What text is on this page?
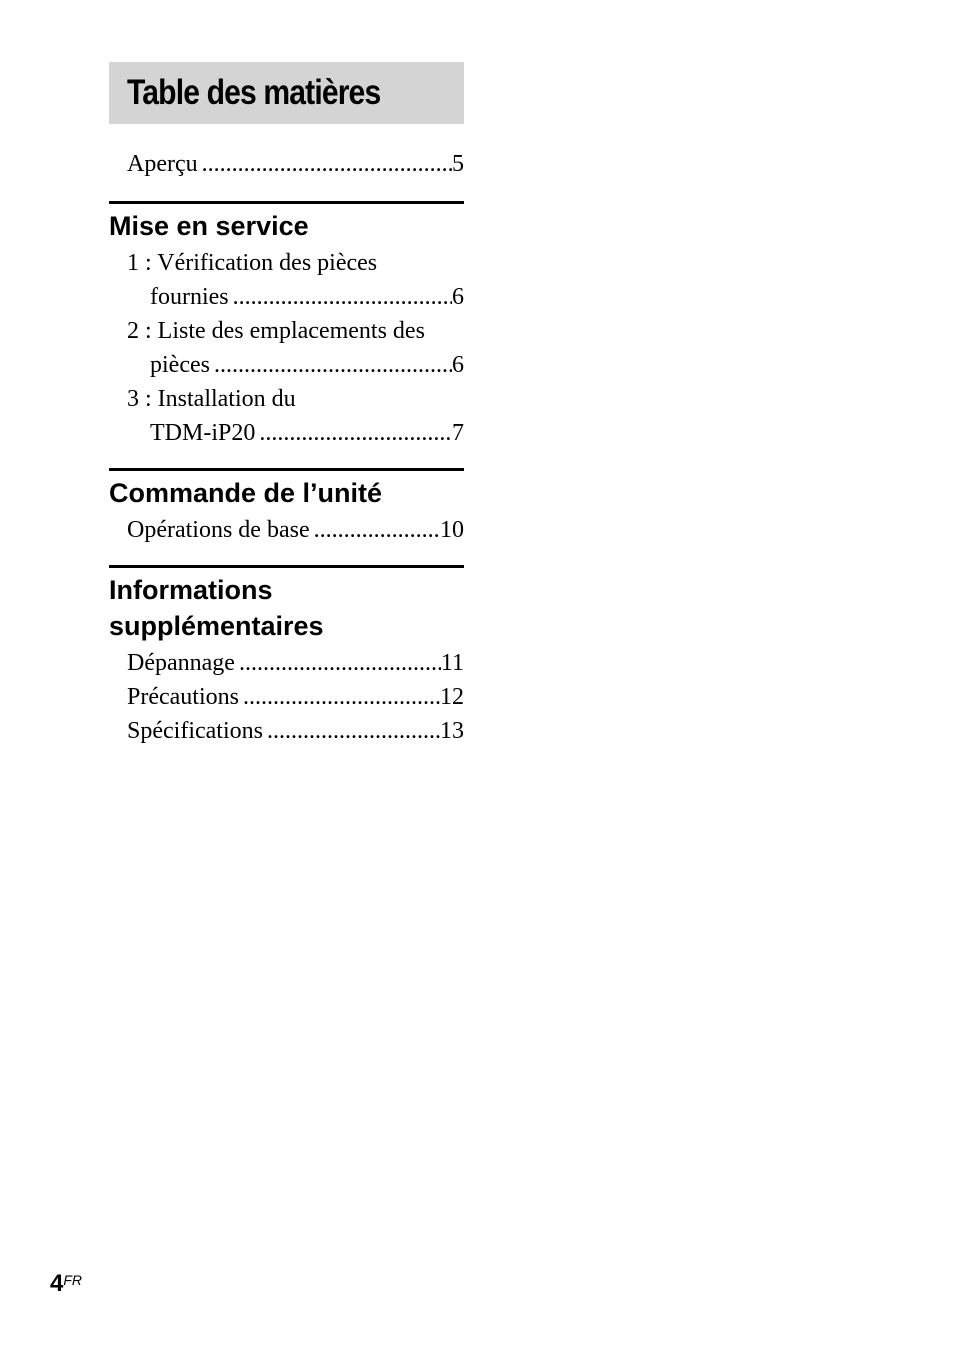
Table des matières
Aperçu .....	5
Mise en service
1 : Vérification des pièces
fournies .....	6
2 : Liste des emplacements des
pièces .....	6
3 : Installation du
TDM-iP20 .....	7
Commande de l’unité
Opérations de base .....	10
Informations
supplémentaires
Dépannage .....	11
Précautions .....	12
Spécifications .....	13
4FR
